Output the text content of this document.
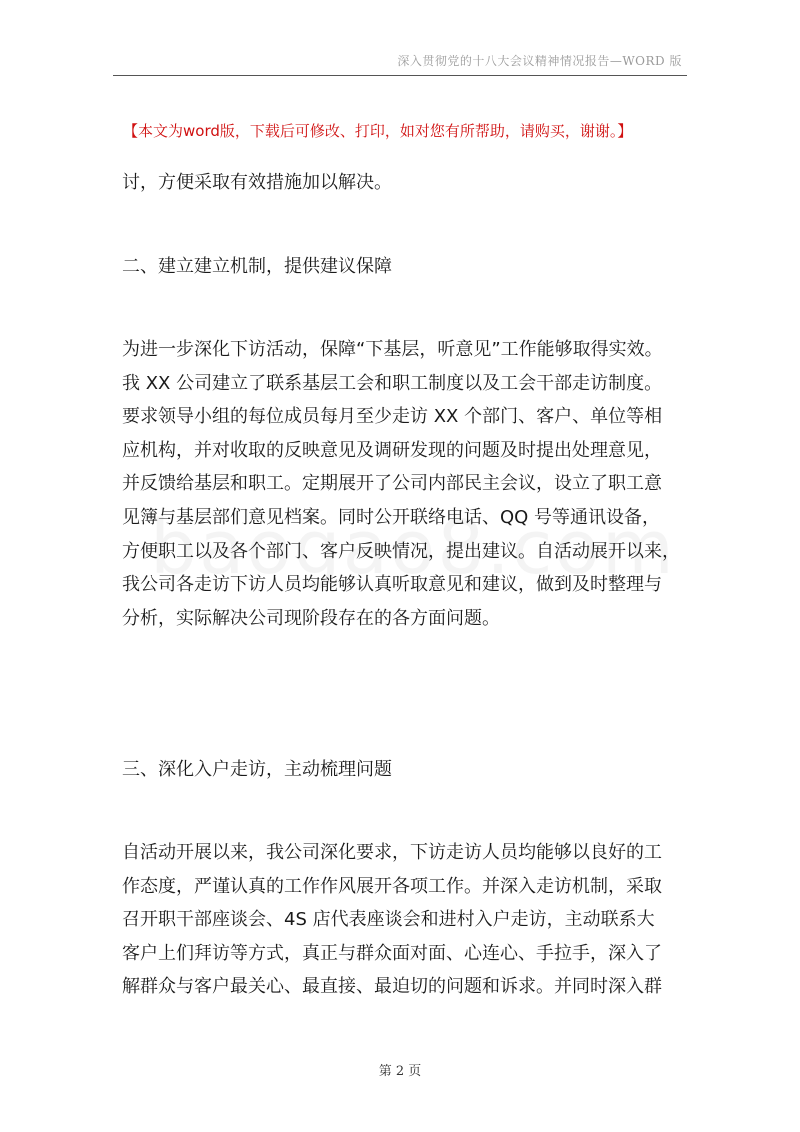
深入贯彻党的十八大会议精神情况报告—WORD 版
【本文为word版，下载后可修改、打印，如对您有所帮助，请购买，谢谢。】
讨，方便采取有效措施加以解决。
二、建立建立机制，提供建议保障
为进一步深化下访活动，保障“下基层，听意见”工作能够取得实效。
我 XX 公司建立了联系基层工会和职工制度以及工会干部走访制度。
要求领导小组的每位成员每月至少走访 XX 个部门、客户、单位等相
应机构，并对收取的反映意见及调研发现的问题及时提出处理意见，
并反馈给基层和职工。定期展开了公司内部民主会议，设立了职工意
见簿与基层部们意见档案。同时公开联络电话、QQ 号等通讯设备，
方便职工以及各个部门、客户反映情况，提出建议。自活动展开以来，
我公司各走访下访人员均能够认真听取意见和建议，做到及时整理与
分析，实际解决公司现阶段存在的各方面问题。
三、深化入户走访，主动梳理问题
自活动开展以来，我公司深化要求，下访走访人员均能够以良好的工
作态度，严谨认真的工作作风展开各项工作。并深入走访机制，采取
召开职干部座谈会、4S 店代表座谈会和进村入户走访，主动联系大
客户上们拜访等方式，真正与群众面对面、心连心、手拉手，深入了
解群众与客户最关心、最直接、最迫切的问题和诉求。并同时深入群
第 2 页
